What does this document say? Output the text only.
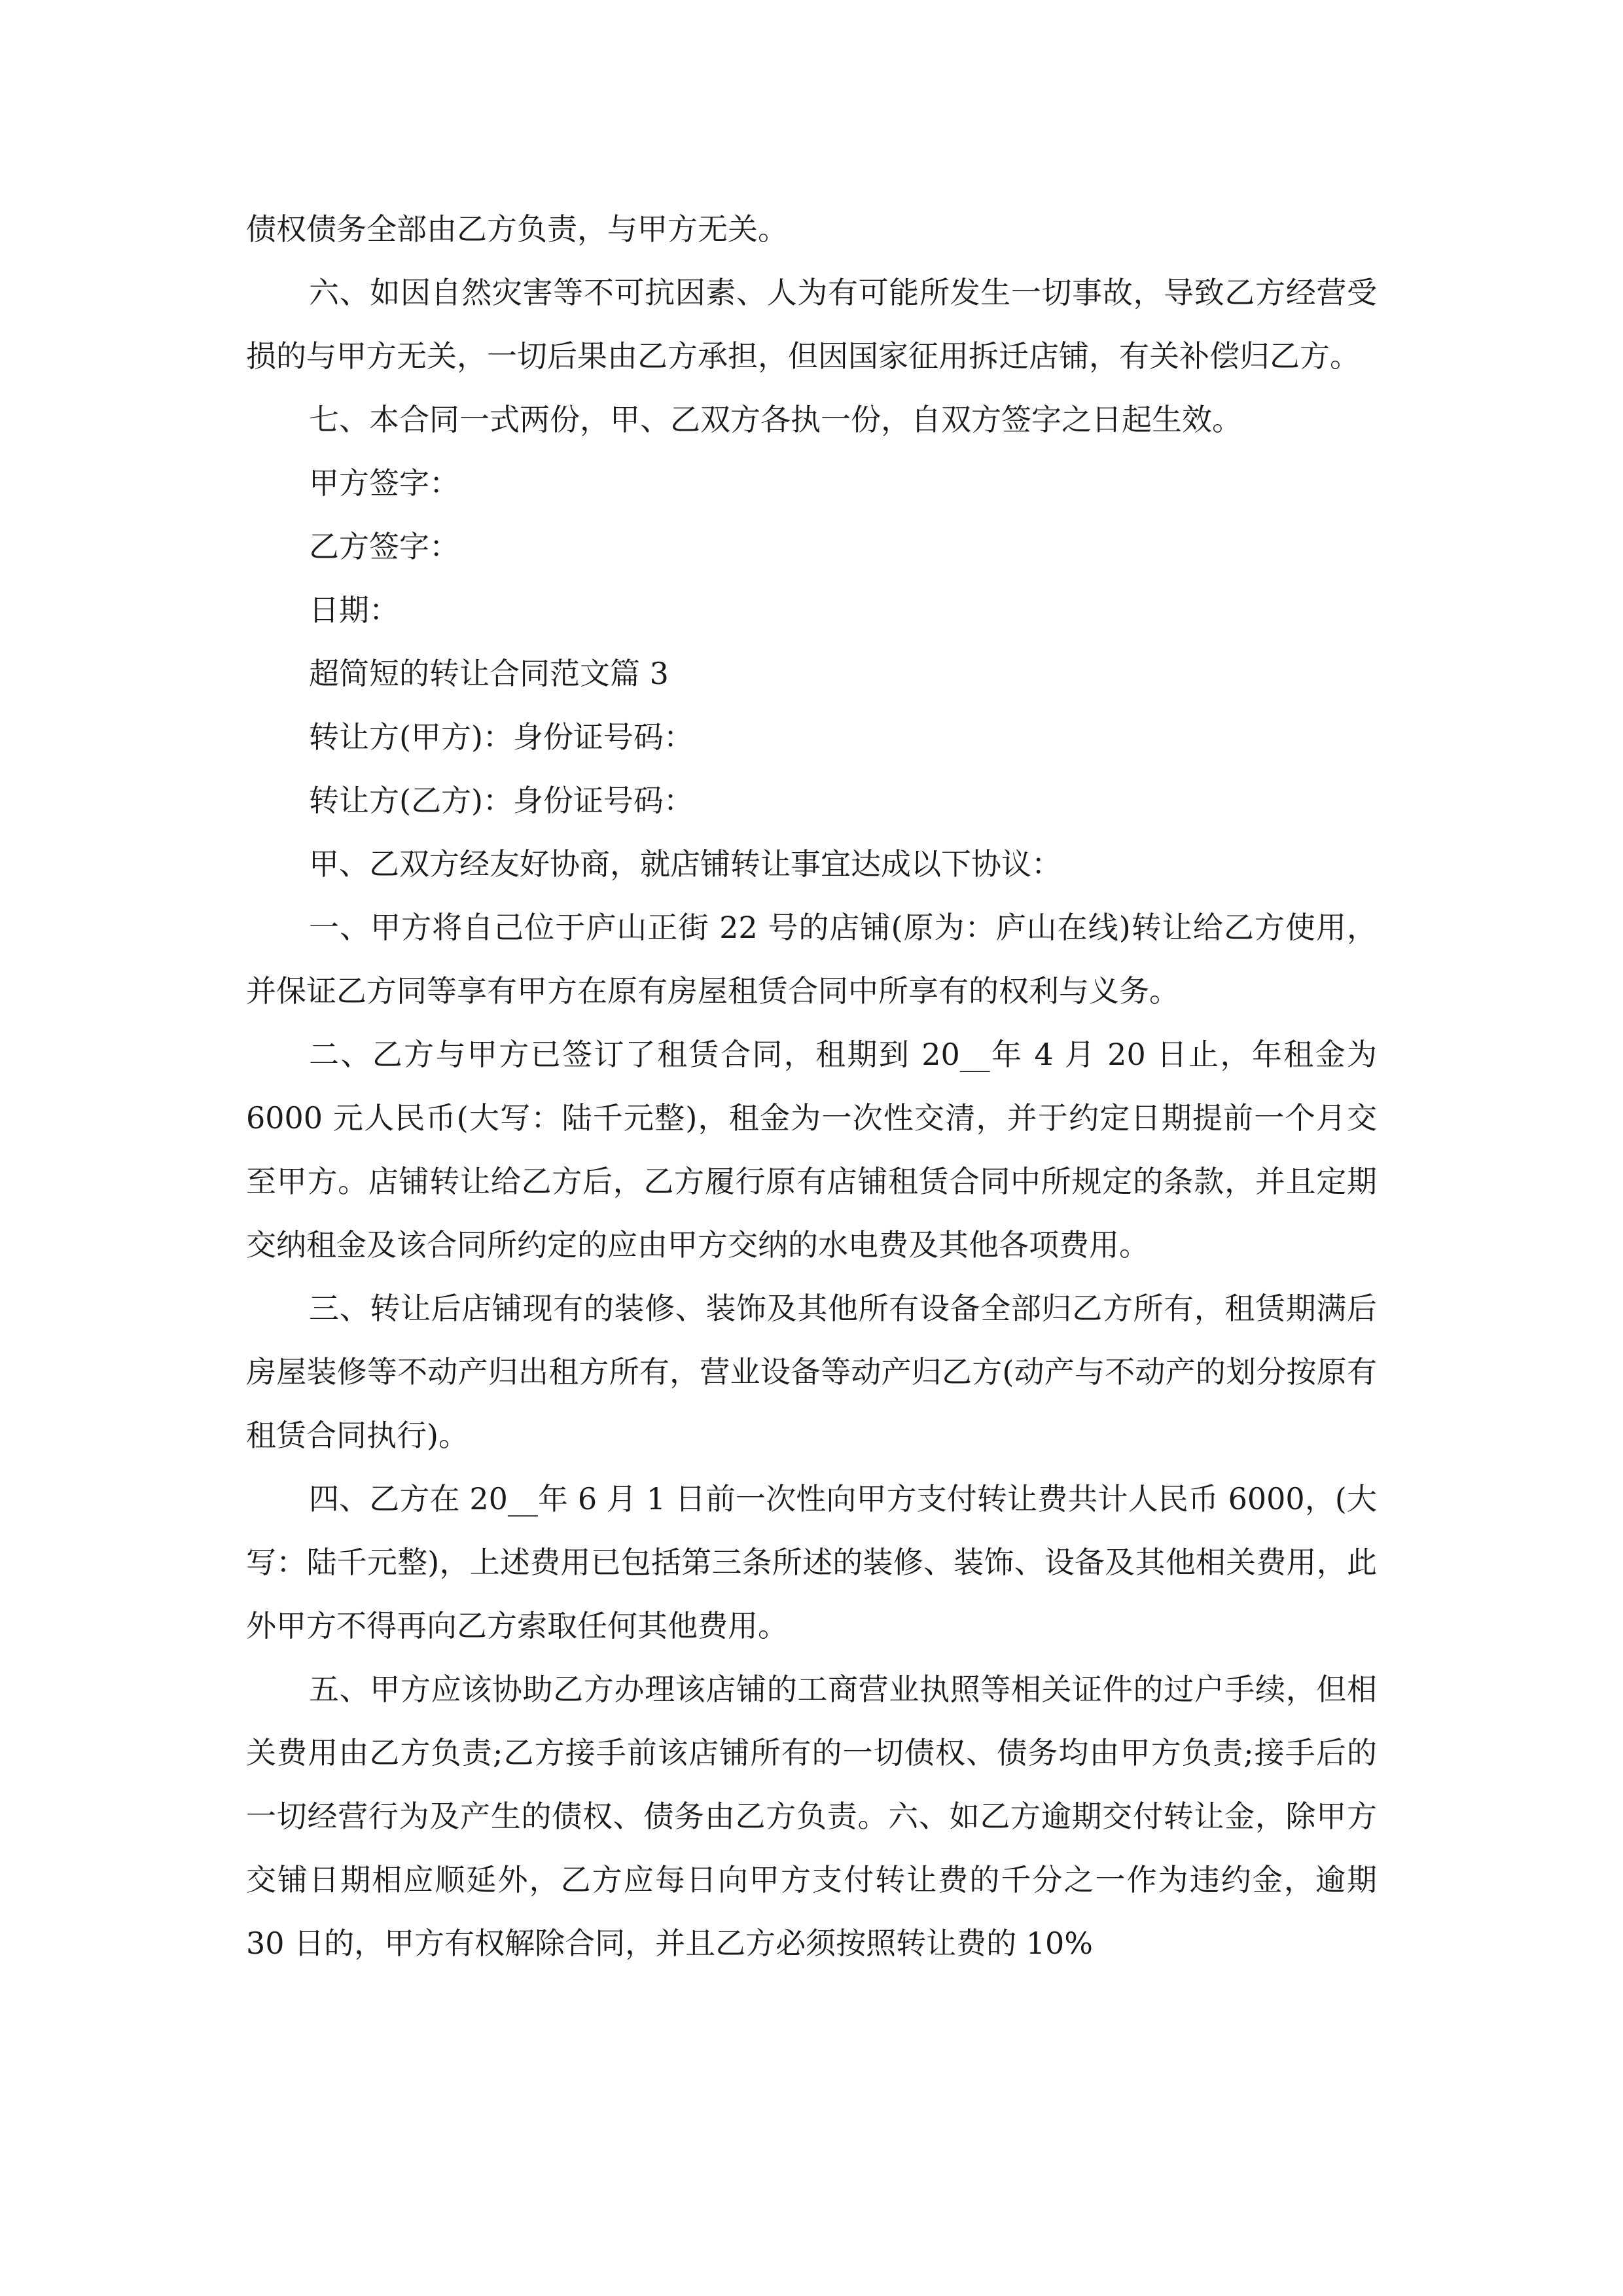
债权债务全部由乙方负责，与甲方无关。

六、如因自然灾害等不可抗因素、人为有可能所发生一切事故，导致乙方经营受损的与甲方无关，一切后果由乙方承担，但因国家征用拆迁店铺，有关补偿归乙方。

七、本合同一式两份，甲、乙双方各执一份，自双方签字之日起生效。

甲方签字：

乙方签字：

日期：

超简短的转让合同范文篇 3

转让方(甲方)：身份证号码：

转让方(乙方)：身份证号码：

甲、乙双方经友好协商，就店铺转让事宜达成以下协议：

一、甲方将自己位于庐山正街 22 号的店铺(原为：庐山在线)转让给乙方使用，并保证乙方同等享有甲方在原有房屋租赁合同中所享有的权利与义务。

二、乙方与甲方已签订了租赁合同，租期到 20__年 4 月 20 日止，年租金为 6000 元人民币(大写：陆千元整)，租金为一次性交清，并于约定日期提前一个月交至甲方。店铺转让给乙方后，乙方履行原有店铺租赁合同中所规定的条款，并且定期交纳租金及该合同所约定的应由甲方交纳的水电费及其他各项费用。

三、转让后店铺现有的装修、装饰及其他所有设备全部归乙方所有，租赁期满后房屋装修等不动产归出租方所有，营业设备等动产归乙方(动产与不动产的划分按原有租赁合同执行)。

四、乙方在 20__年 6 月 1 日前一次性向甲方支付转让费共计人民币 6000，(大写：陆千元整)，上述费用已包括第三条所述的装修、装饰、设备及其他相关费用，此外甲方不得再向乙方索取任何其他费用。

五、甲方应该协助乙方办理该店铺的工商营业执照等相关证件的过户手续，但相关费用由乙方负责;乙方接手前该店铺所有的一切债权、债务均由甲方负责;接手后的一切经营行为及产生的债权、债务由乙方负责。六、如乙方逾期交付转让金，除甲方交铺日期相应顺延外，乙方应每日向甲方支付转让费的千分之一作为违约金，逾期 30 日的，甲方有权解除合同，并且乙方必须按照转让费的 10%
